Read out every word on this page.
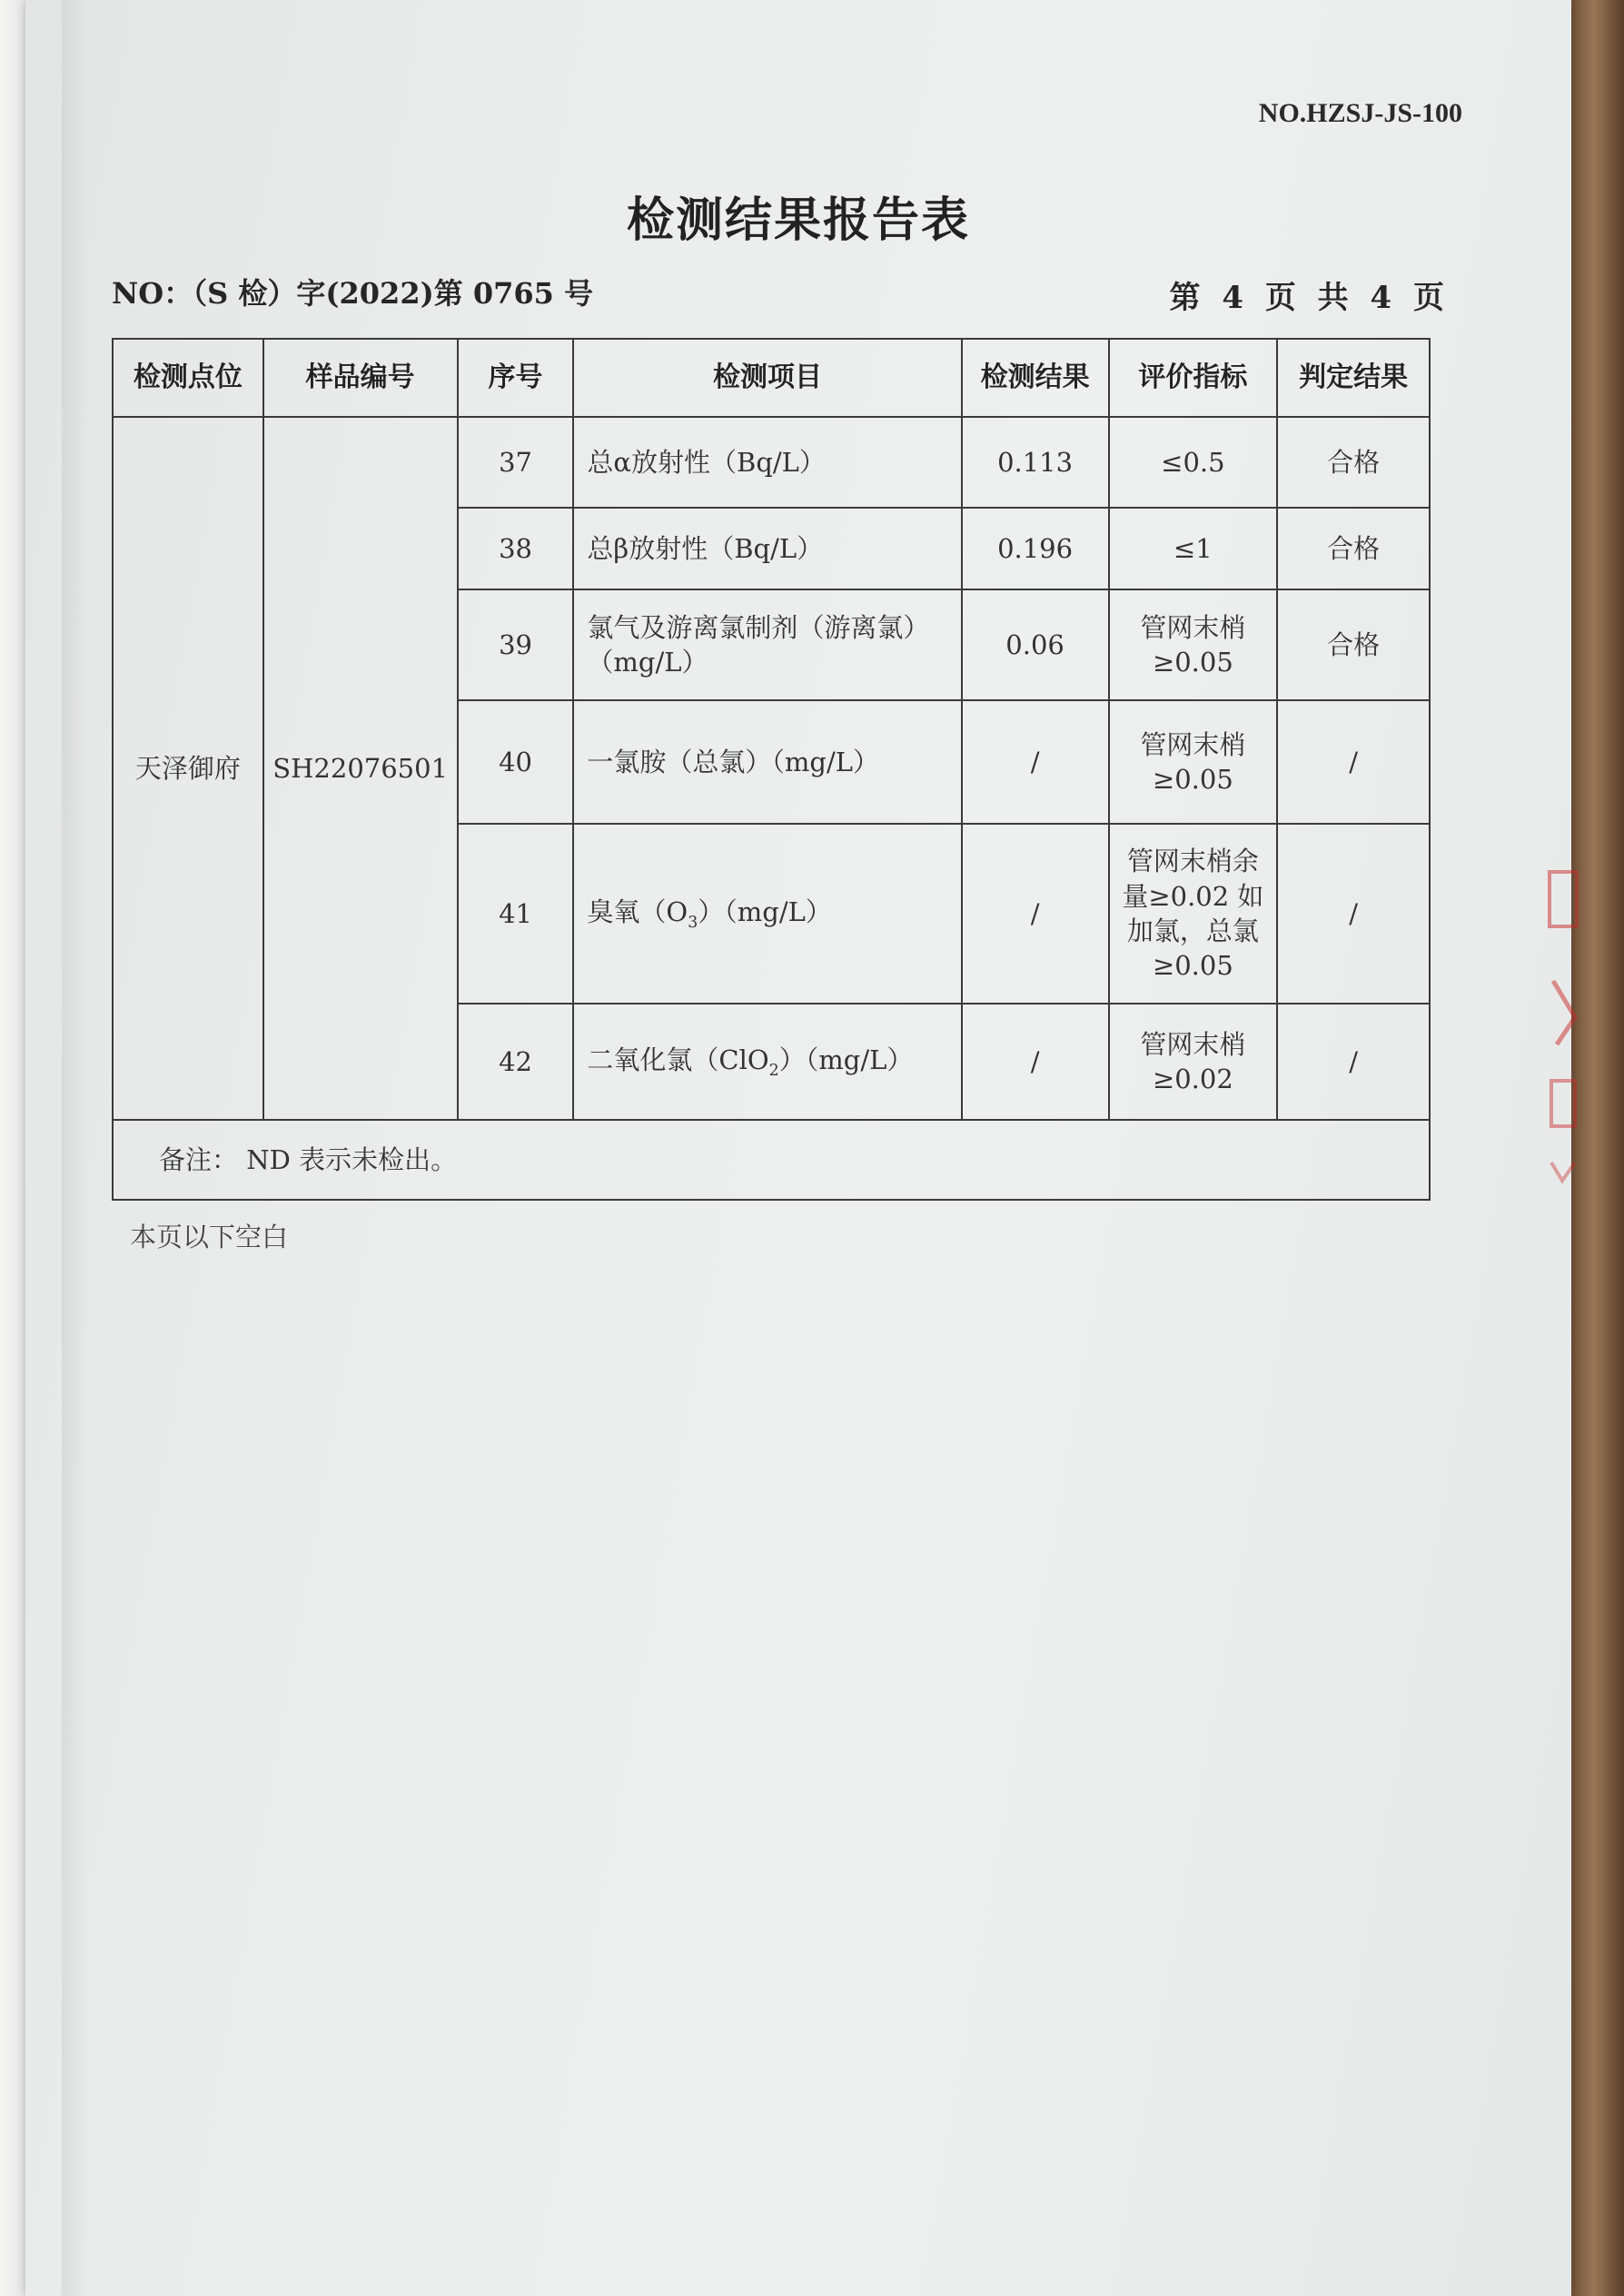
NO.HZSJ-JS-100
检测结果报告表
NO：（S 检）字(2022)第 0765 号	第 4 页 共 4 页
检测点位	样品编号	序号	检测项目	检测结果	评价指标	判定结果
天泽御府	SH22076501	37	总α放射性（Bq/L）	0.113	≤0.5	合格
		38	总β放射性（Bq/L）	0.196	≤1	合格
		39	氯气及游离氯制剂（游离氯）（mg/L）	0.06	管网末梢≥0.05	合格
		40	一氯胺（总氯）（mg/L）	/	管网末梢≥0.05	/
		41	臭氧$(O_3)(mg/L)$	/	管网末梢余量≥0.02 如加氯，总氯≥0.05	/
		42	二氧化氯（ClO$_2$）（mg/L）	/	管网末梢≥0.02	/
备注： ND 表示未检出。						
本页以下空白
